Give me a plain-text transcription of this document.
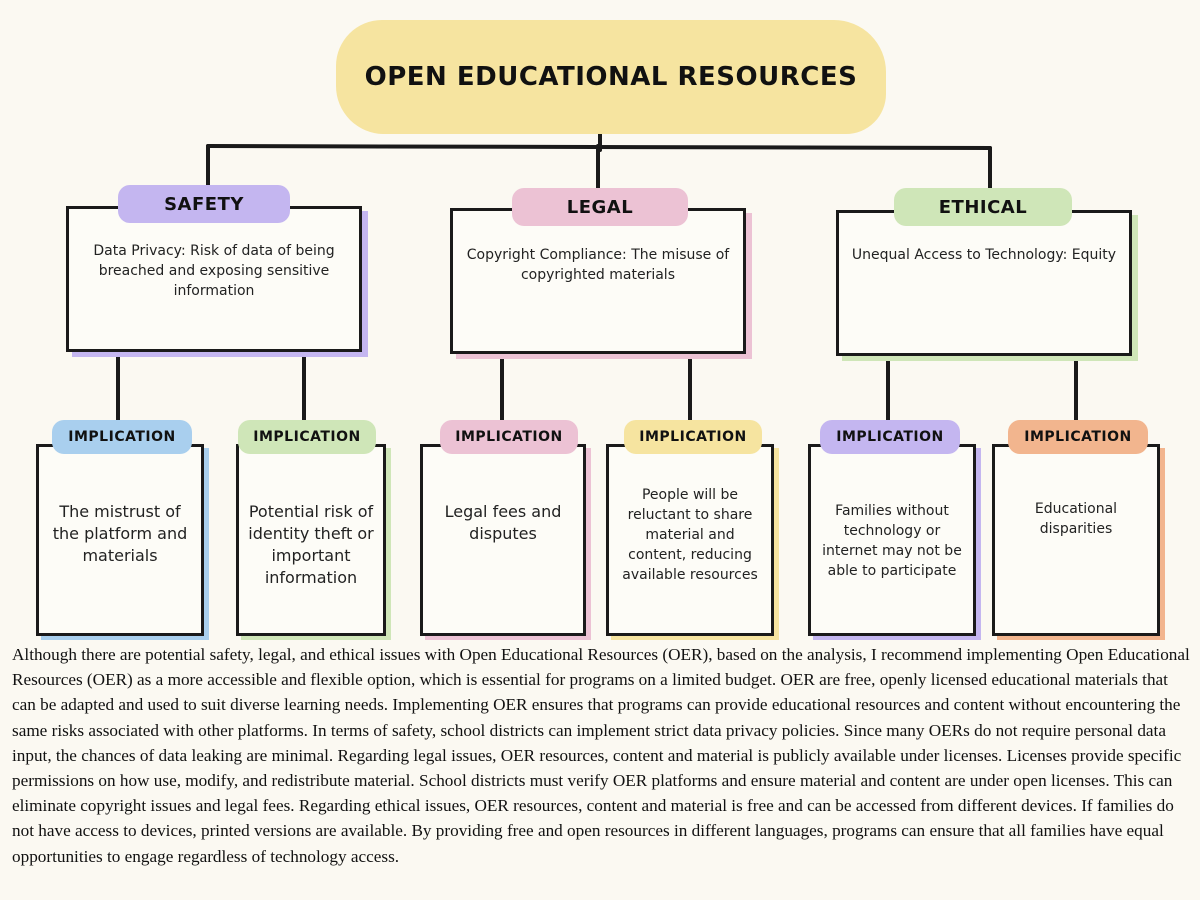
OPEN EDUCATIONAL RESOURCES
Data Privacy: Risk of data of being breached and exposing sensitive information
SAFETY
Copyright Compliance: The misuse of copyrighted materials
LEGAL
Unequal Access to Technology: Equity
ETHICAL
The mistrust of the platform and materials
IMPLICATION
Potential risk of identity theft or important information
IMPLICATION
Legal fees and disputes
IMPLICATION
People will be reluctant to share material and content, reducing available resources
IMPLICATION
Families without technology or internet may not be able to participate
IMPLICATION
Educational disparities
IMPLICATION

Although there are potential safety, legal, and ethical issues with Open Educational Resources (OER), based on the analysis, I recommend implementing Open Educational Resources (OER) as a more accessible and flexible option, which is essential for programs on a limited budget. OER are free, openly licensed educational materials that can be adapted and used to suit diverse learning needs. Implementing OER ensures that programs can provide educational resources and content without encountering the same risks associated with other platforms. In terms of safety, school districts can implement strict data privacy policies. Since many OERs do not require personal data input, the chances of data leaking are minimal. Regarding legal issues, OER resources, content and material is publicly available under licenses. Licenses provide specific permissions on how use, modify, and redistribute material. School districts must verify OER platforms and ensure material and content are under open licenses. This can eliminate copyright issues and legal fees. Regarding ethical issues, OER resources, content and material is free and can be accessed from different devices. If families do not have access to devices, printed versions are available. By providing free and open resources in different languages, programs can ensure that all families have equal opportunities to engage regardless of technology access.
